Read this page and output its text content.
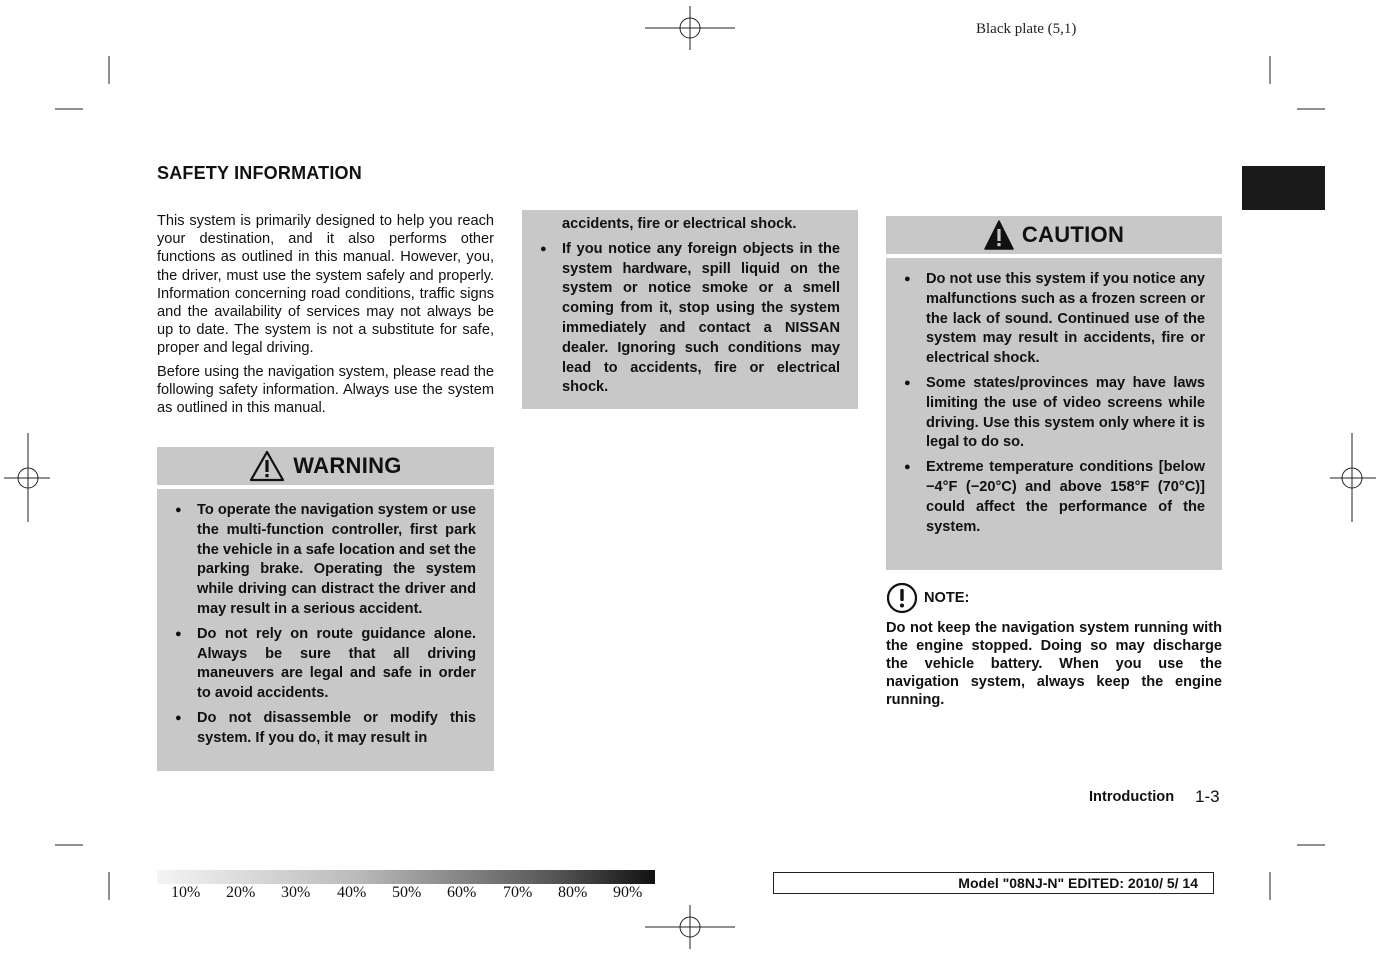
Black plate (5,1)
SAFETY INFORMATION

This system is primarily designed to help you reach your destination, and it also performs other functions as outlined in this manual. However, you, the driver, must use the system safely and properly. Information concerning road conditions, traffic signs and the availability of services may not always be up to date. The system is not a substitute for safe, proper and legal driving.

Before using the navigation system, please read the following safety information. Always use the system as outlined in this manual.

WARNING
● To operate the navigation system or use the multi-function controller, first park the vehicle in a safe location and set the parking brake. Operating the system while driving can distract the driver and may result in a serious accident.
● Do not rely on route guidance alone. Always be sure that all driving maneuvers are legal and safe in order to avoid accidents.
● Do not disassemble or modify this system. If you do, it may result in
accidents, fire or electrical shock.
● If you notice any foreign objects in the system hardware, spill liquid on the system or notice smoke or a smell coming from it, stop using the system immediately and contact a NISSAN dealer. Ignoring such conditions may lead to accidents, fire or electrical shock.
CAUTION
● Do not use this system if you notice any malfunctions such as a frozen screen or the lack of sound. Continued use of the system may result in accidents, fire or electrical shock.
● Some states/provinces may have laws limiting the use of video screens while driving. Use this system only where it is legal to do so.
● Extreme temperature conditions [below −4°F (−20°C) and above 158°F (70°C)] could affect the performance of the system.
NOTE:
Do not keep the navigation system running with the engine stopped. Doing so may discharge the vehicle battery. When you use the navigation system, always keep the engine running.
Introduction 1-3
10% 20% 30% 40% 50% 60% 70% 80% 90%
Model "08NJ-N" EDITED: 2010/ 5/ 14
